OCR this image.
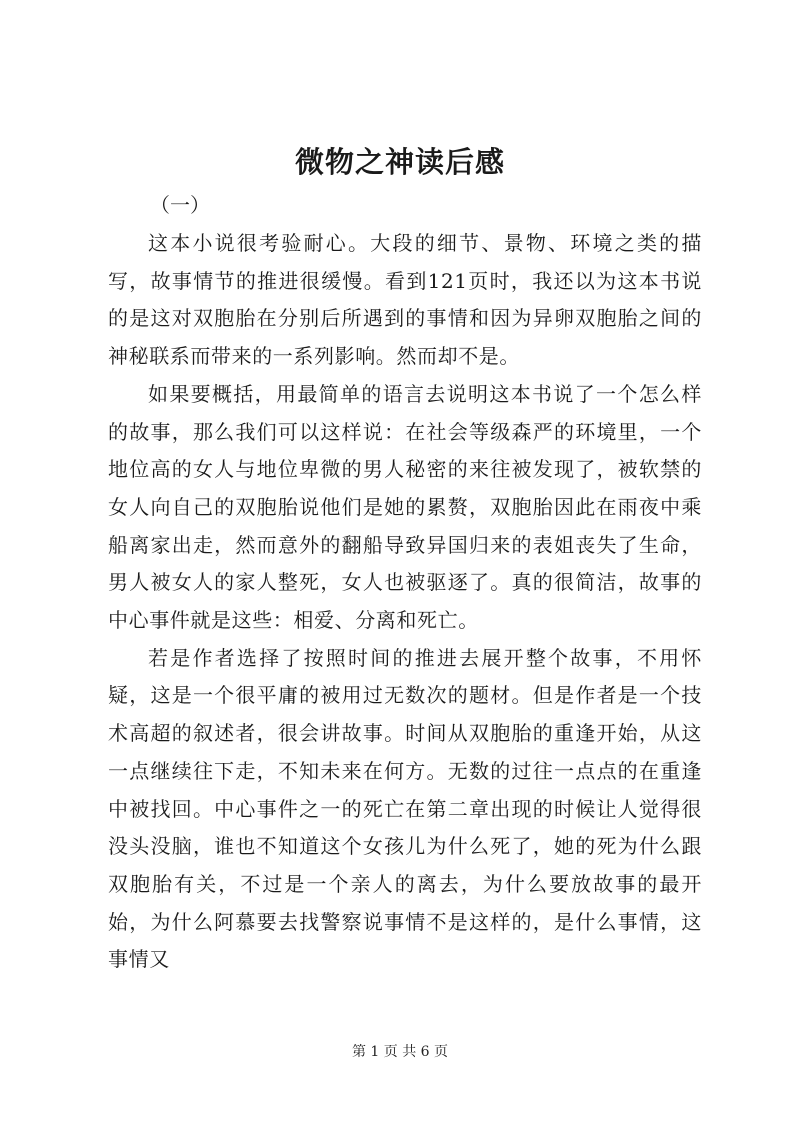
微物之神读后感
（一）

这本小说很考验耐心。大段的细节、景物、环境之类的描写，故事情节的推进很缓慢。看到121页时，我还以为这本书说的是这对双胞胎在分别后所遇到的事情和因为异卵双胞胎之间的神秘联系而带来的一系列影响。然而却不是。

如果要概括，用最简单的语言去说明这本书说了一个怎么样的故事，那么我们可以这样说：在社会等级森严的环境里，一个地位高的女人与地位卑微的男人秘密的来往被发现了，被软禁的女人向自己的双胞胎说他们是她的累赘，双胞胎因此在雨夜中乘船离家出走，然而意外的翻船导致异国归来的表姐丧失了生命，男人被女人的家人整死，女人也被驱逐了。真的很简洁，故事的中心事件就是这些：相爱、分离和死亡。

若是作者选择了按照时间的推进去展开整个故事，不用怀疑，这是一个很平庸的被用过无数次的题材。但是作者是一个技术高超的叙述者，很会讲故事。时间从双胞胎的重逢开始，从这一点继续往下走，不知未来在何方。无数的过往一点点的在重逢中被找回。中心事件之一的死亡在第二章出现的时候让人觉得很没头没脑，谁也不知道这个女孩儿为什么死了，她的死为什么跟双胞胎有关，不过是一个亲人的离去，为什么要放故事的最开始，为什么阿慕要去找警察说事情不是这样的，是什么事情，这事情又

第 1 页 共 6 页
